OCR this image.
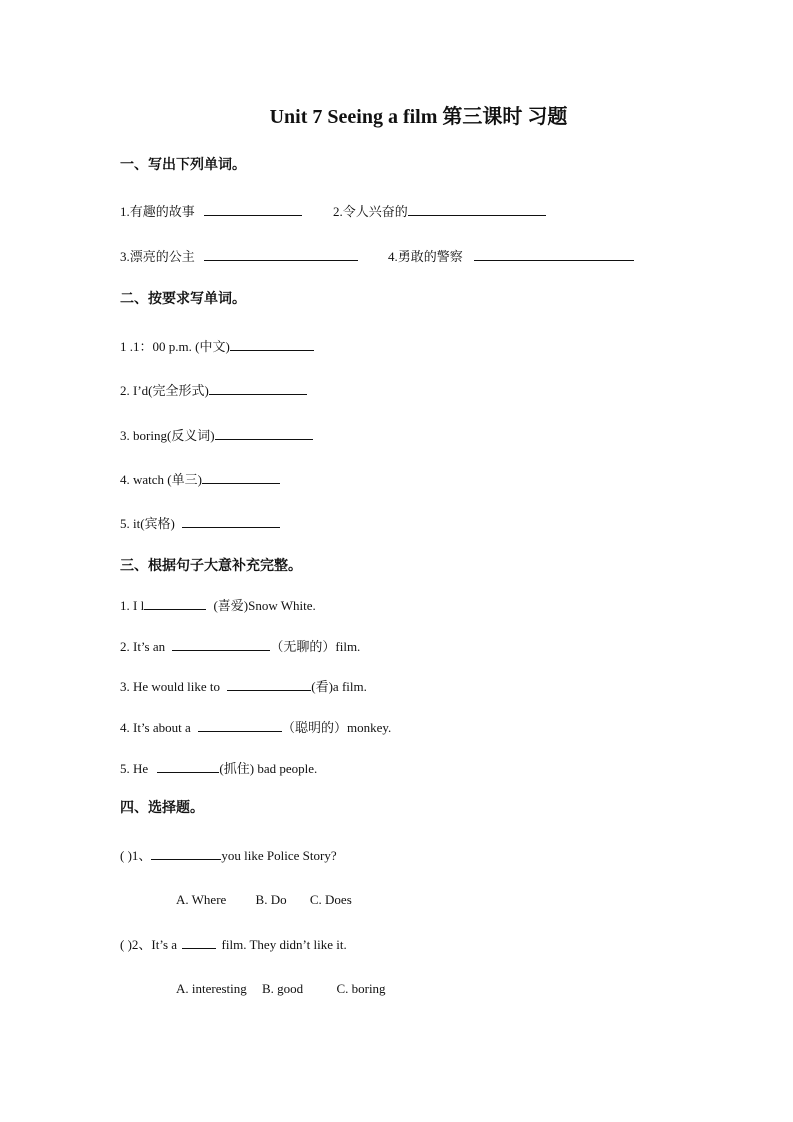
Unit 7 Seeing a film 第三课时 习题
一、写出下列单词。
1.有趣的故事	2.令人兴奋的
3.漂亮的公主	4.勇敢的警察
二、按要求写单词。
1 .1：00 p.m. (中文)
2. I’d(完全形式)
3. boring(反义词)
4. watch (单三)
5. it(宾格)
三、根据句子大意补充完整。
1. I l	(喜爱)Snow White.
2. It’s an	（无聊的）film.
3. He would like to	(看)a film.
4. It’s about a	（聪明的）monkey.
5. He	(抓住) bad people.
四、选择题。
( )1、	you like Police Story?
A. Where B. Do C. Does
( )2、It’s a	film. They didn’t like it.
A. interesting B. good	C. boring
